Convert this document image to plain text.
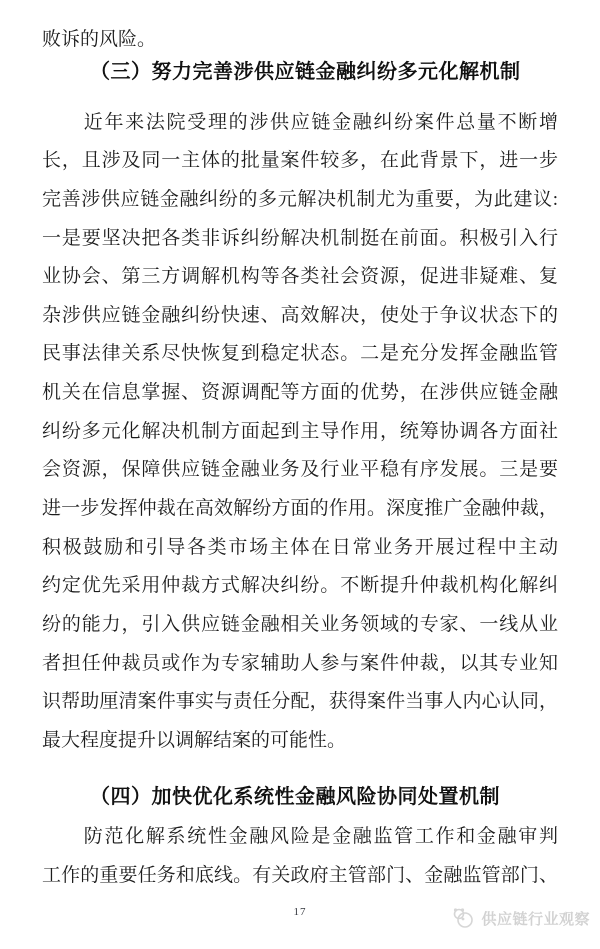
败诉的风险。
（三）努力完善涉供应链金融纠纷多元化解机制
近年来法院受理的涉供应链金融纠纷案件总量不断增
长，且涉及同一主体的批量案件较多，在此背景下，进一步
完善涉供应链金融纠纷的多元解决机制尤为重要，为此建议:
一是要坚决把各类非诉纠纷解决机制挺在前面。积极引入行
业协会、第三方调解机构等各类社会资源，促进非疑难、复
杂涉供应链金融纠纷快速、高效解决，使处于争议状态下的
民事法律关系尽快恢复到稳定状态。二是充分发挥金融监管
机关在信息掌握、资源调配等方面的优势，在涉供应链金融
纠纷多元化解决机制方面起到主导作用，统筹协调各方面社
会资源，保障供应链金融业务及行业平稳有序发展。三是要
进一步发挥仲裁在高效解纷方面的作用。深度推广金融仲裁，
积极鼓励和引导各类市场主体在日常业务开展过程中主动
约定优先采用仲裁方式解决纠纷。不断提升仲裁机构化解纠
纷的能力，引入供应链金融相关业务领域的专家、一线从业
者担任仲裁员或作为专家辅助人参与案件仲裁，以其专业知
识帮助厘清案件事实与责任分配，获得案件当事人内心认同，
最大程度提升以调解结案的可能性。
（四）加快优化系统性金融风险协同处置机制
防范化解系统性金融风险是金融监管工作和金融审判
工作的重要任务和底线。有关政府主管部门、金融监管部门、
17	供应链行业观察
